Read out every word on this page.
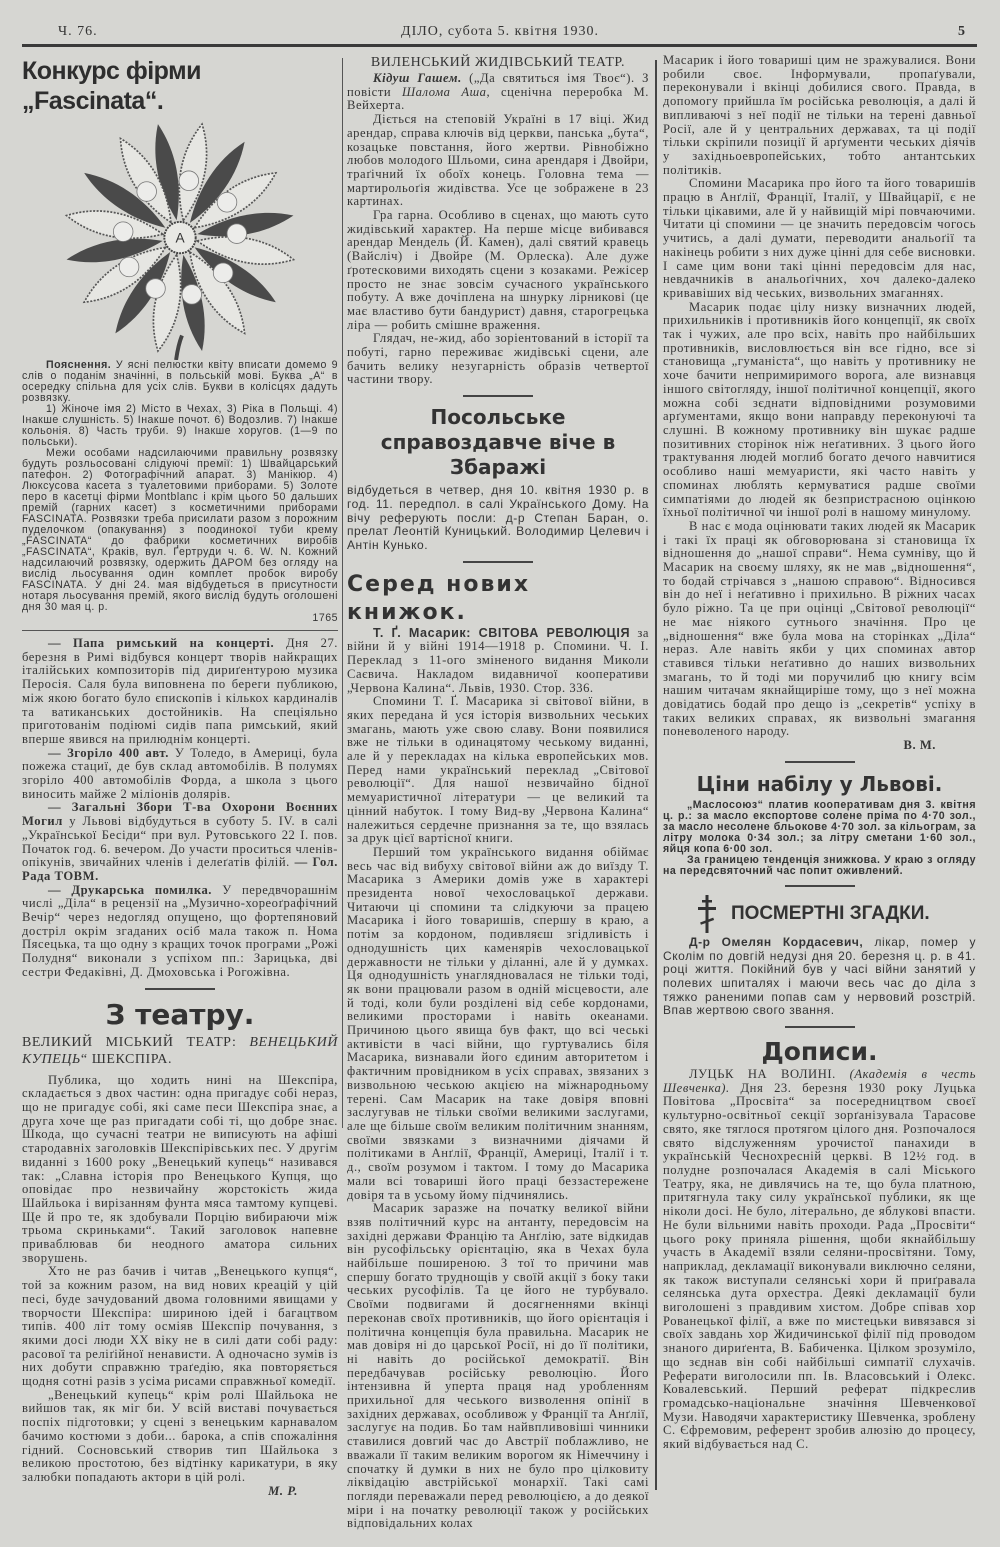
Ч. 76.	ДІЛО, субота 5. квітня 1930.	5
Конкурс фірми „Fascinata“.
A

Пояснення. У ясні пелюстки квіту вписати домемо 9 слів о поданім значінні, в польській мові. Буква „А“ в осередку спільна для усіх слів. Букви в колісцях дадуть розвязку.

1) Жіноче імя 2) Місто в Чехах, 3) Ріка в Польщі. 4) Інакше слушність. 5) Інакше почот. 6) Водозлив. 7) Інакше кольонія. 8) Часть труби. 9) Інакше хоругов. (1—9 по польськи).

Межи особами надсилаючими правильну розвязку будуть розльосовані слідуючі премії: 1) Швайцарський патефон. 2) Фотографічний апарат. 3) Манікюр. 4) Люксусова касета з туалетовими приборами. 5) Золоте перо в касетці фірми Montblanc і крім цього 50 дальших премій (гарних касет) з косметичними приборами FASCINATA. Розвязки треба присилати разом з порожним пуделочком (опакування) з поодинокої туби крему „FASCINATA“ до фабрики косметичних виробів „FASCINATA“, Краків, вул. Ґертруди ч. 6. W. N. Кожний надсилаючий розвязку, одержить ДАРОМ без огляду на вислід льосування один комплет пробок виробу FASCINATA. У дні 24. мая відбудеться в присутности нотаря льосування премій, якого вислід будуть оголошені дня 30 мая ц. р.

1765

— Папа римський на концерті. Дня 27. березня в Римі відбувся концерт творів найкращих італійських композиторів під дириґентурою музика Перосія. Саля була виповнена по береги публикою, між якою богато було єпископів і кількох кардиналів та ватиканських достойників. На спеціяльно приготованім подіюмі сидів папа римський, який вперше явився на прилюднім концерті.

— Згоріло 400 авт. У Толедо, в Америці, була пожежа стациї, де був склад автомобілів. В полумях згоріло 400 автомобілів Форда, а школа з цього виносить майже 2 міліонів долярів.

— Загальні Збори Т-ва Охорони Воєнних Могил у Львові відбудуться в суботу 5. IV. в салі „Української Бесіди“ при вул. Рутовського 22 I. пов. Початок год. 6. вечером. До участи проситься членів-опікунів, звичайних членів і делеґатів філій. — Гол. Рада ТОВМ.

— Друкарська помилка. У передвчорашнім числі „Діла“ в рецензії на „Музично-хореоґрафічний Вечір“ через недогляд опущено, що фортепяновий достріл окрім згаданих осіб мала також п. Нома Пясецька, та що одну з кращих точок програми „Рожі Полудня“ виконали з успіхом пп.: Зарицька, дві сестри Федаківні, Д. Дмоховська і Рогожівна.

З театру.
ВЕЛИКИЙ МІСЬКИЙ ТЕАТР: ВЕНЕЦЬКИЙ КУПЕЦЬ“ ШЕКСПІРА.

Публика, що ходить нині на Шекспіра, складається з двох частин: одна пригадує собі нераз, що не пригадує собі, які саме песи Шекспіра знає, а друга хоче ще раз пригадати собі ті, що добре знає. Шкода, що сучасні театри не виписують на афіші стародавніх заголовків Шекспірівських пес. У другім виданні з 1600 року „Венецький купець“ називався так: „Славна історія про Венецького Купця, що оповідає про незвичайну жорстокість жида Шайльока і вирізанням фунта мяса тамтому купцеві. Ще й про те, як здобували Порцію вибираючи між трьома скриньками“. Такий заголовок напевне приваблював би неодного аматора сильних зворушень.

Хто не раз бачив і читав „Венецького купця“, той за кожним разом, на вид нових креацій у цій песі, буде зачудований двома головними явищами у творчости Шекспіра: шириною ідей і багацтвом типів. 400 літ тому осміяв Шекспір почування, з якими досі люди XX віку не в силі дати собі раду: расової та реліґійної ненависти. А одночасно зумів із них добути справжню траґедію, яка повторяється щодня сотні разів з усіма рисами справжньої комедії.

„Венецький купець“ крім ролі Шайльока не вийшов так, як міг би. У всій виставі почувається поспіх підготовки; у сцені з венецьким карнавалом бачимо костюми з доби... барока, а спів спожаління гідний. Сосновський створив тип Шайльока з великою простотою, без відтінку карикатури, в яку залюбки попадають актори в цій ролі.

М. Р.
ВИЛЕНСЬКИЙ ЖИДІВСЬКИЙ ТЕАТР.

Кідуш Гашем. („Да святиться імя Твоє“). З повісти Шалома Аша, сценічна переробка М. Вейхерта.

Діється на степовій Україні в 17 віці. Жид арендар, справа ключів від церкви, панська „бута“, козацьке повстання, його жертви. Рівнобіжно любов молодого Шльоми, сина арендаря і Двойри, траґічний їх обоїх конець. Головна тема — мартирольоґія жидівства. Усе це зображене в 23 картинах.

Гра гарна. Особливо в сценах, що мають суто жидівський характер. На перше місце вибивався арендар Мендель (Й. Камен), далі святий кравець (Вайсліч) і Двойре (М. Орлеска). Але дуже ґротесковими виходять сцени з козаками. Режісер просто не знає зовсім сучасного українського побуту. А вже дочіплена на шнурку лірникові (це має властиво бути бандурист) давня, старогрецька ліра — робить смішне враження.

Глядач, не-жид, або зоріентований в історії та побуті, гарно переживає жидівські сцени, але бачить велику незугарність образів четвертої частини твору.

Посольське справоздавче віче в Збаражі
відбудеться в четвер, дня 10. квітня 1930 р. в год. 11. передпол. в салі Українського Дому. На вічу реферують посли: д-р Степан Баран, о. прелат Леонтій Куницький. Володимир Целевич і Антін Кунько.
Серед нових книжок.

Т. Ґ. Масарик: СВІТОВА РЕВОЛЮЦІЯ за війни й у війні 1914—1918 р. Спомини. Ч. І. Переклад з 11-ого зміненого видання Миколи Саєвича. Накладом видавничої кооперативи „Червона Калина“. Львів, 1930. Стор. 336.

Спомини Т. Ґ. Масарика зі світової війни, в яких передана й уся історія визвольних чеських змагань, мають уже свою славу. Вони появилися вже не тільки в одинацятому чеському виданні, але й у перекладах на кілька европейських мов. Перед нами український переклад „Світової революції“. Для нашої незвичайно бідної мемуаристичної літератури — це великий та цінний набуток. І тому Вид-ву „Червона Калина“ належиться сердечне признання за те, що взялась за друк цієї вартісної книги.

Перший том українського видання обіймає весь час від вибуху світової війни аж до виїзду Т. Масарика з Америки домів уже в характері президента нової чехословацької держави. Читаючи ці спомини та слідкуючи за працею Масарика і його товаришів, спершу в краю, а потім за кордоном, подивляєш згідливість і однодушність цих каменярів чехословацької державности не тільки у діланні, але й у думках. Ця однодушність унаглядновалася не тільки тоді, як вони працювали разом в одній місцевости, але й тоді, коли були розділені від себе кордонами, великими просторами і навіть океанами. Причиною цього явища був факт, що всі чеські активісти в часі війни, що гуртувались біля Масарика, визнавали його єдиним авторитетом і фактичним провідником в усіх справах, звязаних з визвольною чеською акцією на міжнародньому терені. Сам Масарик на таке довіря вповні заслугував не тільки своїми великими заслугами, але ще більше своїм великим політичним знанням, своїми звязками з визначними діячами й політиками в Анґлії, Франції, Америці, Італії і т. д., своїм розумом і тактом. І тому до Масарика мали всі товариші його праці беззастережене довіря та в усьому йому підчинялись.

Масарик заразже на початку великої війни взяв політичний курс на антанту, передовсім на західні держави Францію та Анґлію, зате відкидав він русофільську орієнтацію, яка в Чехах була найбільше поширеною. З тої то причини мав спершу богато труднощів у своїй акції з боку таки чеських русофілів. Та це його не турбувало. Своїми подвигами й досягненнями вкінці переконав своїх противників, що його орієнтація і політична концепція була правильна. Масарик не мав довіря ні до царської Росії, ні до її політики, ні навіть до російської демократії. Він передбачував російську революцію. Його інтензивна й уперта праця над уробленням прихильної для чеського визволення опінії в західних державах, особливож у Франції та Анґлії, заслугує на подив. Бо там найвпливовіші чинники ставилися довгий час до Австрії поблажливо, не вважали її таким великим ворогом як Німеччину і спочатку й думки в них не було про цілковиту ліквідацію австрійської монархії. Такі самі погляди переважали перед революцією, а до деякої міри і на початку революції також у російських відповідальних колах

Масарик і його товариші цим не зражувалися. Вони робили своє. Інформували, пропаґували, переконували і вкінці добилися свого. Правда, в допомогу прийшла їм російська революція, а далі й випливаючі з неї події не тільки на терені давньої Росії, але й у центральних державах, та ці події тільки скріпили позиції й арґументи чеських діячів у західньоевропейських, тобто антантських політиків.

Спомини Масарика про його та його товаришів працю в Анґлії, Франції, Італії, у Швайцарії, є не тільки цікавими, але й у найвищій мірі повчаючими. Читати ці спомини — це значить передовсім чогось учитись, а далі думати, переводити анальоґії та накінець робити з них дуже цінні для себе висновки. І саме цим вони такі цінні передовсім для нас, невдачників в анальоґічних, хоч далеко-далеко кривавіших від чеських, визвольних змаганнях.

Масарик подає цілу низку визначних людей, прихильників і противників його концепції, як своїх так і чужих, але про всіх, навіть про найбільших противників, висловлюється він все гідно, все зі становища „гуманіста“, що навіть у противнику не хоче бачити непримиримого ворога, але визнавця іншого світогляду, іншої політичної концепції, якого можна собі зєднати відповідними розумовими арґументами, якщо вони направду переконуючі та слушні. В кожному противнику він шукає радше позитивних сторінок ніж неґативних. З цього його трактування людей моглиб богато дечого навчитися особливо наші мемуаристи, які часто навіть у споминах люблять кермуватися радше своїми симпатіями до людей як безпристрасною оцінкою їхньої політичної чи іншої ролі в нашому минулому.

В нас є мода оцінювати таких людей як Масарик і такі їх праці як обговорювана зі становища їх відношення до „нашої справи“. Нема сумніву, що й Масарик на своєму шляху, як не мав „відношення“, то бодай стрічався з „нашою справою“. Відносився він до неї і неґативно і прихильно. В ріжних часах було ріжно. Та це при оцінці „Світової революції“ не має ніякого сутнього значіння. Про це „відношення“ вже була мова на сторінках „Діла“ нераз. Але навіть якби у цих споминах автор ставився тільки неґативно до наших визвольних змагань, то й тоді ми поручилиб цю книгу всім нашим читачам якнайщиріше тому, що з неї можна довідатись бодай про дещо із „секретів“ успіху в таких великих справах, як визвольні змагання поневоленого народу.

В. М.
Ціни набілу у Львові.

„Маслосоюз“ платив кооперативам дня 3. квітня ц. р.: за масло експортове солене пріма по 4·70 зол., за масло несолене бльокове 4·70 зол. за кільограм, за літру молока 0·34 зол.; за літру сметани 1·60 зол., яйця копа 6·00 зол.

За границею тенденція знижкова. У краю з огляду на передсвяточний час попит оживлений.

ПОСМЕРТНІ ЗГАДКИ.

Д-р Омелян Кордасевич, лікар, помер у Сколім по довгій недузі дня 20. березня ц. р. в 41. році життя. Покійний був у часі війни занятий у полевих шпиталях і маючи весь час до діла з тяжко раненими попав сам у нервовий розстрій. Впав жертвою свого звання.

Дописи.

ЛУЦЬК НА ВОЛИНІ. (Академія в честь Шевченка). Дня 23. березня 1930 року Луцька Повітова „Просвіта“ за посередництвом своєї культурно-освітньої секції зорґанізувала Тарасове свято, яке тяглося протягом цілого дня. Розпочалося свято відслуженням урочистої панахиди в українській Чеснохресній церкві. В 12½ год. в полудне розпочалася Академія в салі Міського Театру, яка, не дивлячись на те, що була платною, притягнула таку силу української публики, як ще ніколи досі. Не було, літерально, де яблукові впасти. Не були вільними навіть проходи. Рада „Просвіти“ цього року приняла рішення, щоби якнайбільшу участь в Академії взяли селяни-просвітяни. Тому, наприклад, декламації виконували виключно селяни, як також виступали селянські хори й приґравала селянська дута орхестра. Деякі декламації були виголошені з правдивим хистом. Добре співав хор Рованецької філії, а вже по мистецьки вивязався зі своїх завдань хор Жидичинської філії під проводом знаного дириґента, В. Бабиченка. Цілком зрозуміло, що зєднав він собі найбільші симпатії слухачів. Реферати виголосили пп. Ів. Власовський і Олекс. Ковалевський. Перший реферат підкреслив громадсько-національне значіння Шевченкової Музи. Наводячи характеристику Шевченка, зроблену С. Єфремовим, референт зробив алюзію до процесу, який відбувається над С.
